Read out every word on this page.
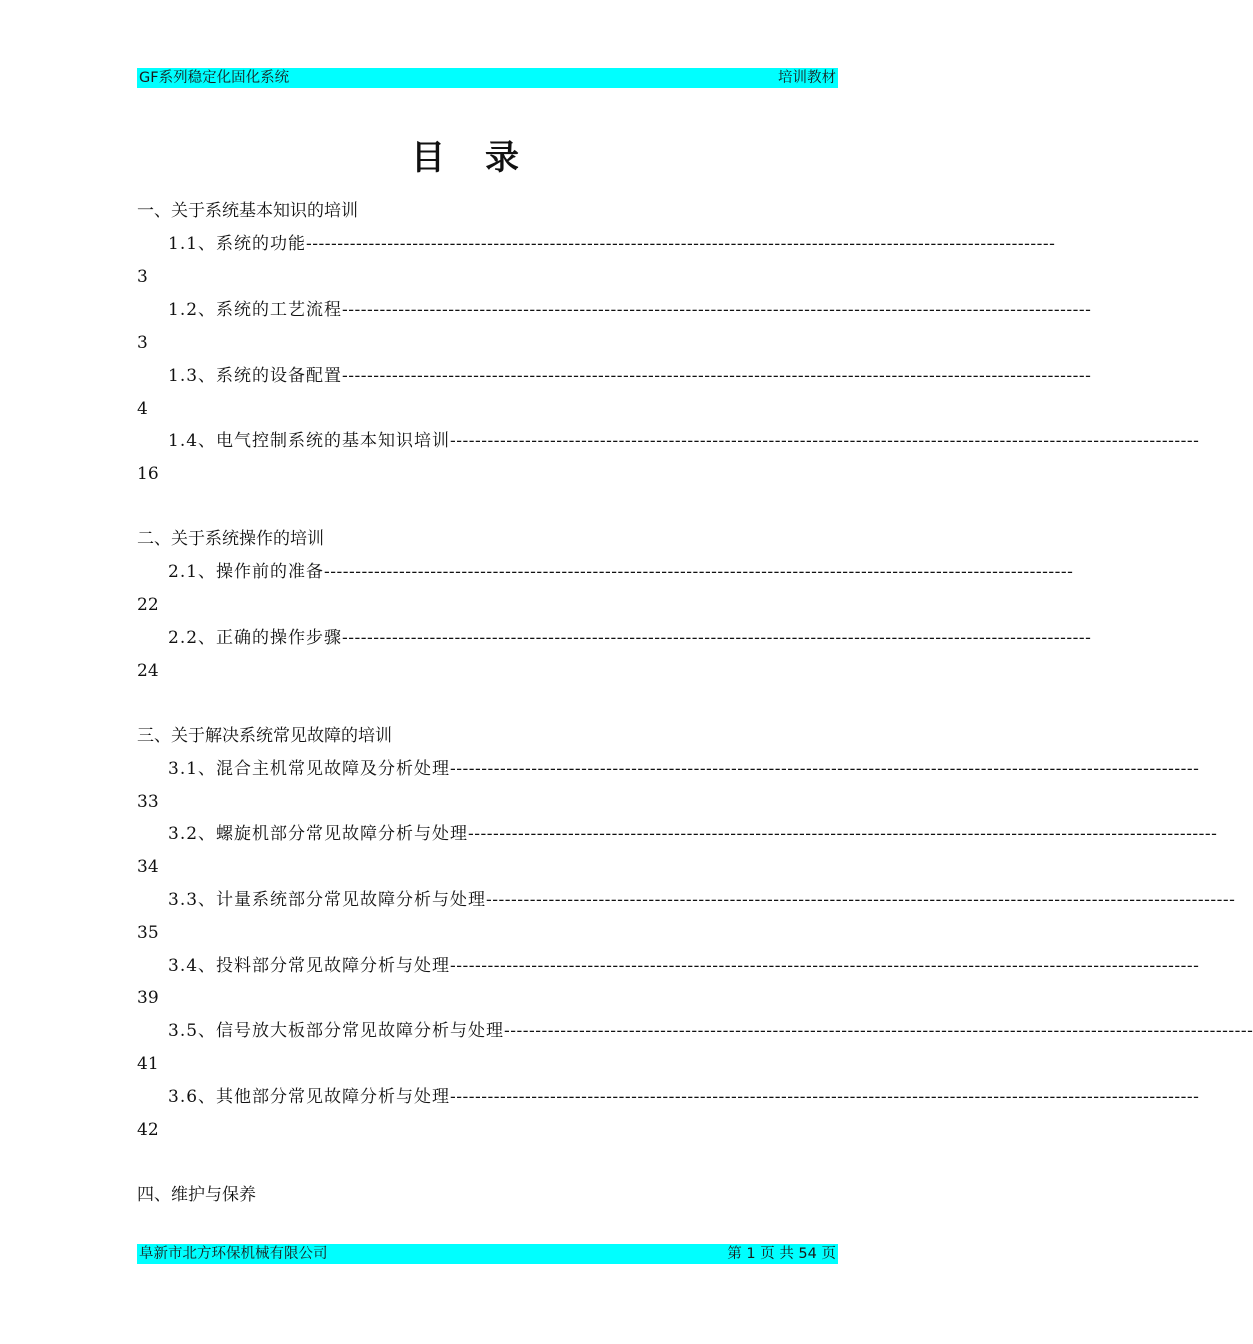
GF系列稳定化固化系统	培训教材
目录
一、关于系统基本知识的培训
1.1、系统的功能 ------------------------------------------------------------------------------------------------------------------------
3
1.2、系统的工艺流程 ------------------------------------------------------------------------------------------------------------------------
3
1.3、系统的设备配置 ------------------------------------------------------------------------------------------------------------------------
4
1.4、电气控制系统的基本知识培训 ------------------------------------------------------------------------------------------------------------------------
16
二、关于系统操作的培训
2.1、操作前的准备 ------------------------------------------------------------------------------------------------------------------------
22
2.2、正确的操作步骤 ------------------------------------------------------------------------------------------------------------------------
24
三、关于解决系统常见故障的培训
3.1、混合主机常见故障及分析处理 ------------------------------------------------------------------------------------------------------------------------
33
3.2、螺旋机部分常见故障分析与处理 ------------------------------------------------------------------------------------------------------------------------
34
3.3、计量系统部分常见故障分析与处理 ------------------------------------------------------------------------------------------------------------------------
35
3.4、投料部分常见故障分析与处理 ------------------------------------------------------------------------------------------------------------------------
39
3.5、信号放大板部分常见故障分析与处理 ------------------------------------------------------------------------------------------------------------------------
41
3.6、其他部分常见故障分析与处理 ------------------------------------------------------------------------------------------------------------------------
42
四、维护与保养
阜新市北方环保机械有限公司	第 1 页 共 54 页
